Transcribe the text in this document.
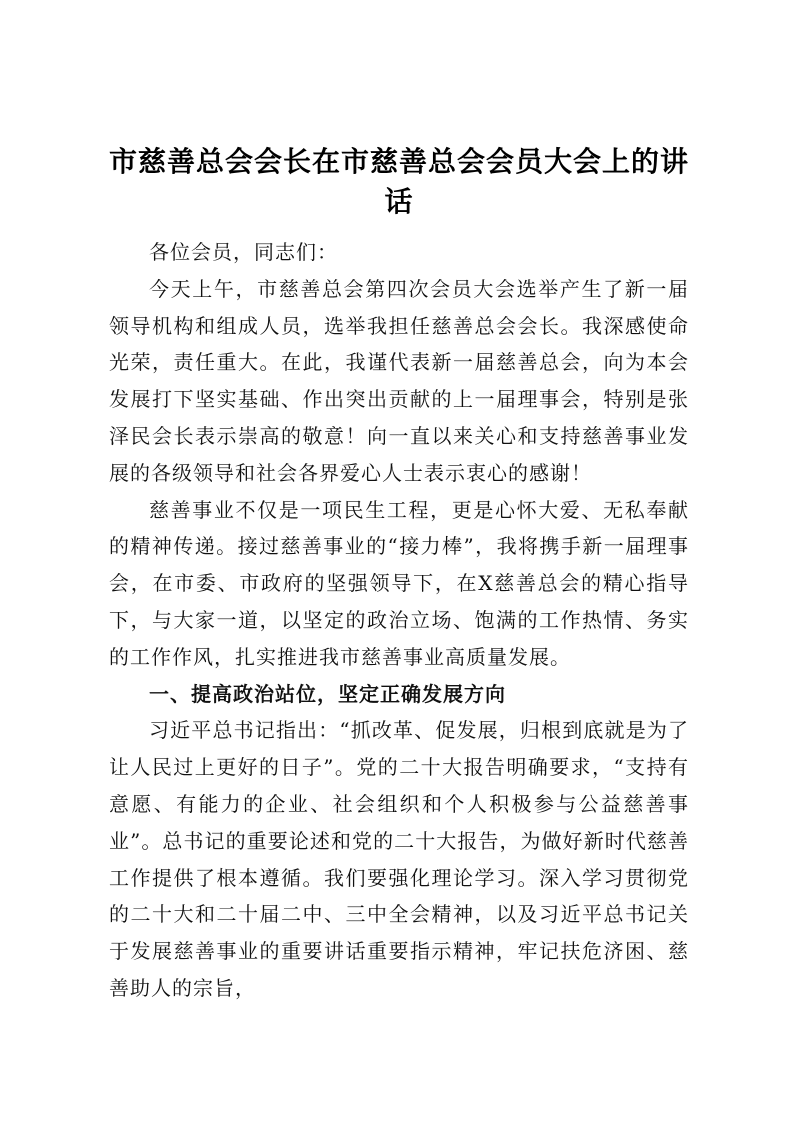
市慈善总会会长在市慈善总会会员大会上的讲话

各位会员，同志们：

今天上午，市慈善总会第四次会员大会选举产生了新一届领导机构和组成人员，选举我担任慈善总会会长。我深感使命光荣，责任重大。在此，我谨代表新一届慈善总会，向为本会发展打下坚实基础、作出突出贡献的上一届理事会，特别是张泽民会长表示崇高的敬意！向一直以来关心和支持慈善事业发展的各级领导和社会各界爱心人士表示衷心的感谢！

慈善事业不仅是一项民生工程，更是心怀大爱、无私奉献的精神传递。接过慈善事业的“接力棒”，我将携手新一届理事会，在市委、市政府的坚强领导下，在X慈善总会的精心指导下，与大家一道，以坚定的政治立场、饱满的工作热情、务实的工作作风，扎实推进我市慈善事业高质量发展。

一、提高政治站位，坚定正确发展方向

习近平总书记指出：“抓改革、促发展，归根到底就是为了让人民过上更好的日子”。党的二十大报告明确要求，“支持有意愿、有能力的企业、社会组织和个人积极参与公益慈善事业”。总书记的重要论述和党的二十大报告，为做好新时代慈善工作提供了根本遵循。我们要强化理论学习。深入学习贯彻党的二十大和二十届二中、三中全会精神，以及习近平总书记关于发展慈善事业的重要讲话重要指示精神，牢记扶危济困、慈善助人的宗旨，
